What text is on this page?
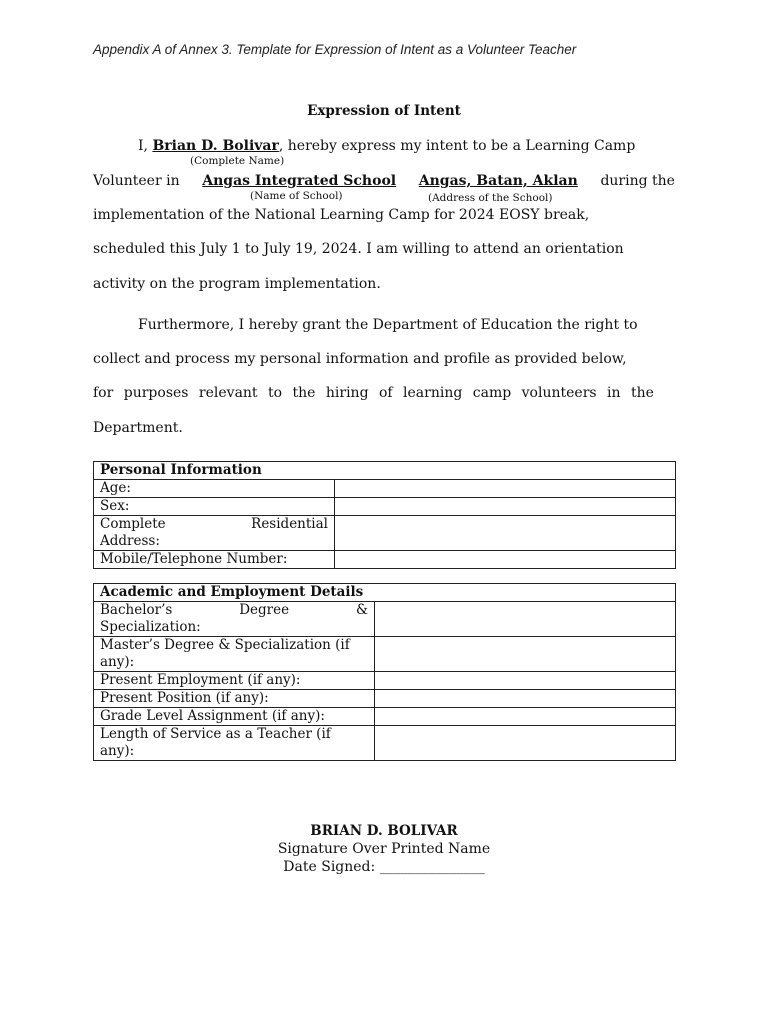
Appendix A of Annex 3. Template for Expression of Intent as a Volunteer Teacher
Expression of Intent
I, Brian D. Bolivar, hereby express my intent to be a Learning Camp
(Complete Name)
Volunteer in Angas Integrated School Angas, Batan, Aklan during the
(Name of School)	(Address of the School)
implementation of the National Learning Camp for 2024 EOSY break,
scheduled this July 1 to July 19, 2024. I am willing to attend an orientation
activity on the program implementation.
Furthermore, I hereby grant the Department of Education the right to
collect and process my personal information and profile as provided below,
for purposes relevant to the hiring of learning camp volunteers in the
Department.
Personal Information	
Age:	
Sex:	

Complete Residential
Address:	

Mobile/Telephone Number:	
Academic and Employment Details	

Bachelor’s Degree &
Specialization:	

Master’s Degree & Specialization (if
any):	

Present Employment (if any):	
Present Position (if any):	
Grade Level Assignment (if any):	

Length of Service as a Teacher (if
any):	

BRIAN D. BOLIVAR
Signature Over Printed Name
Date Signed: _______________
